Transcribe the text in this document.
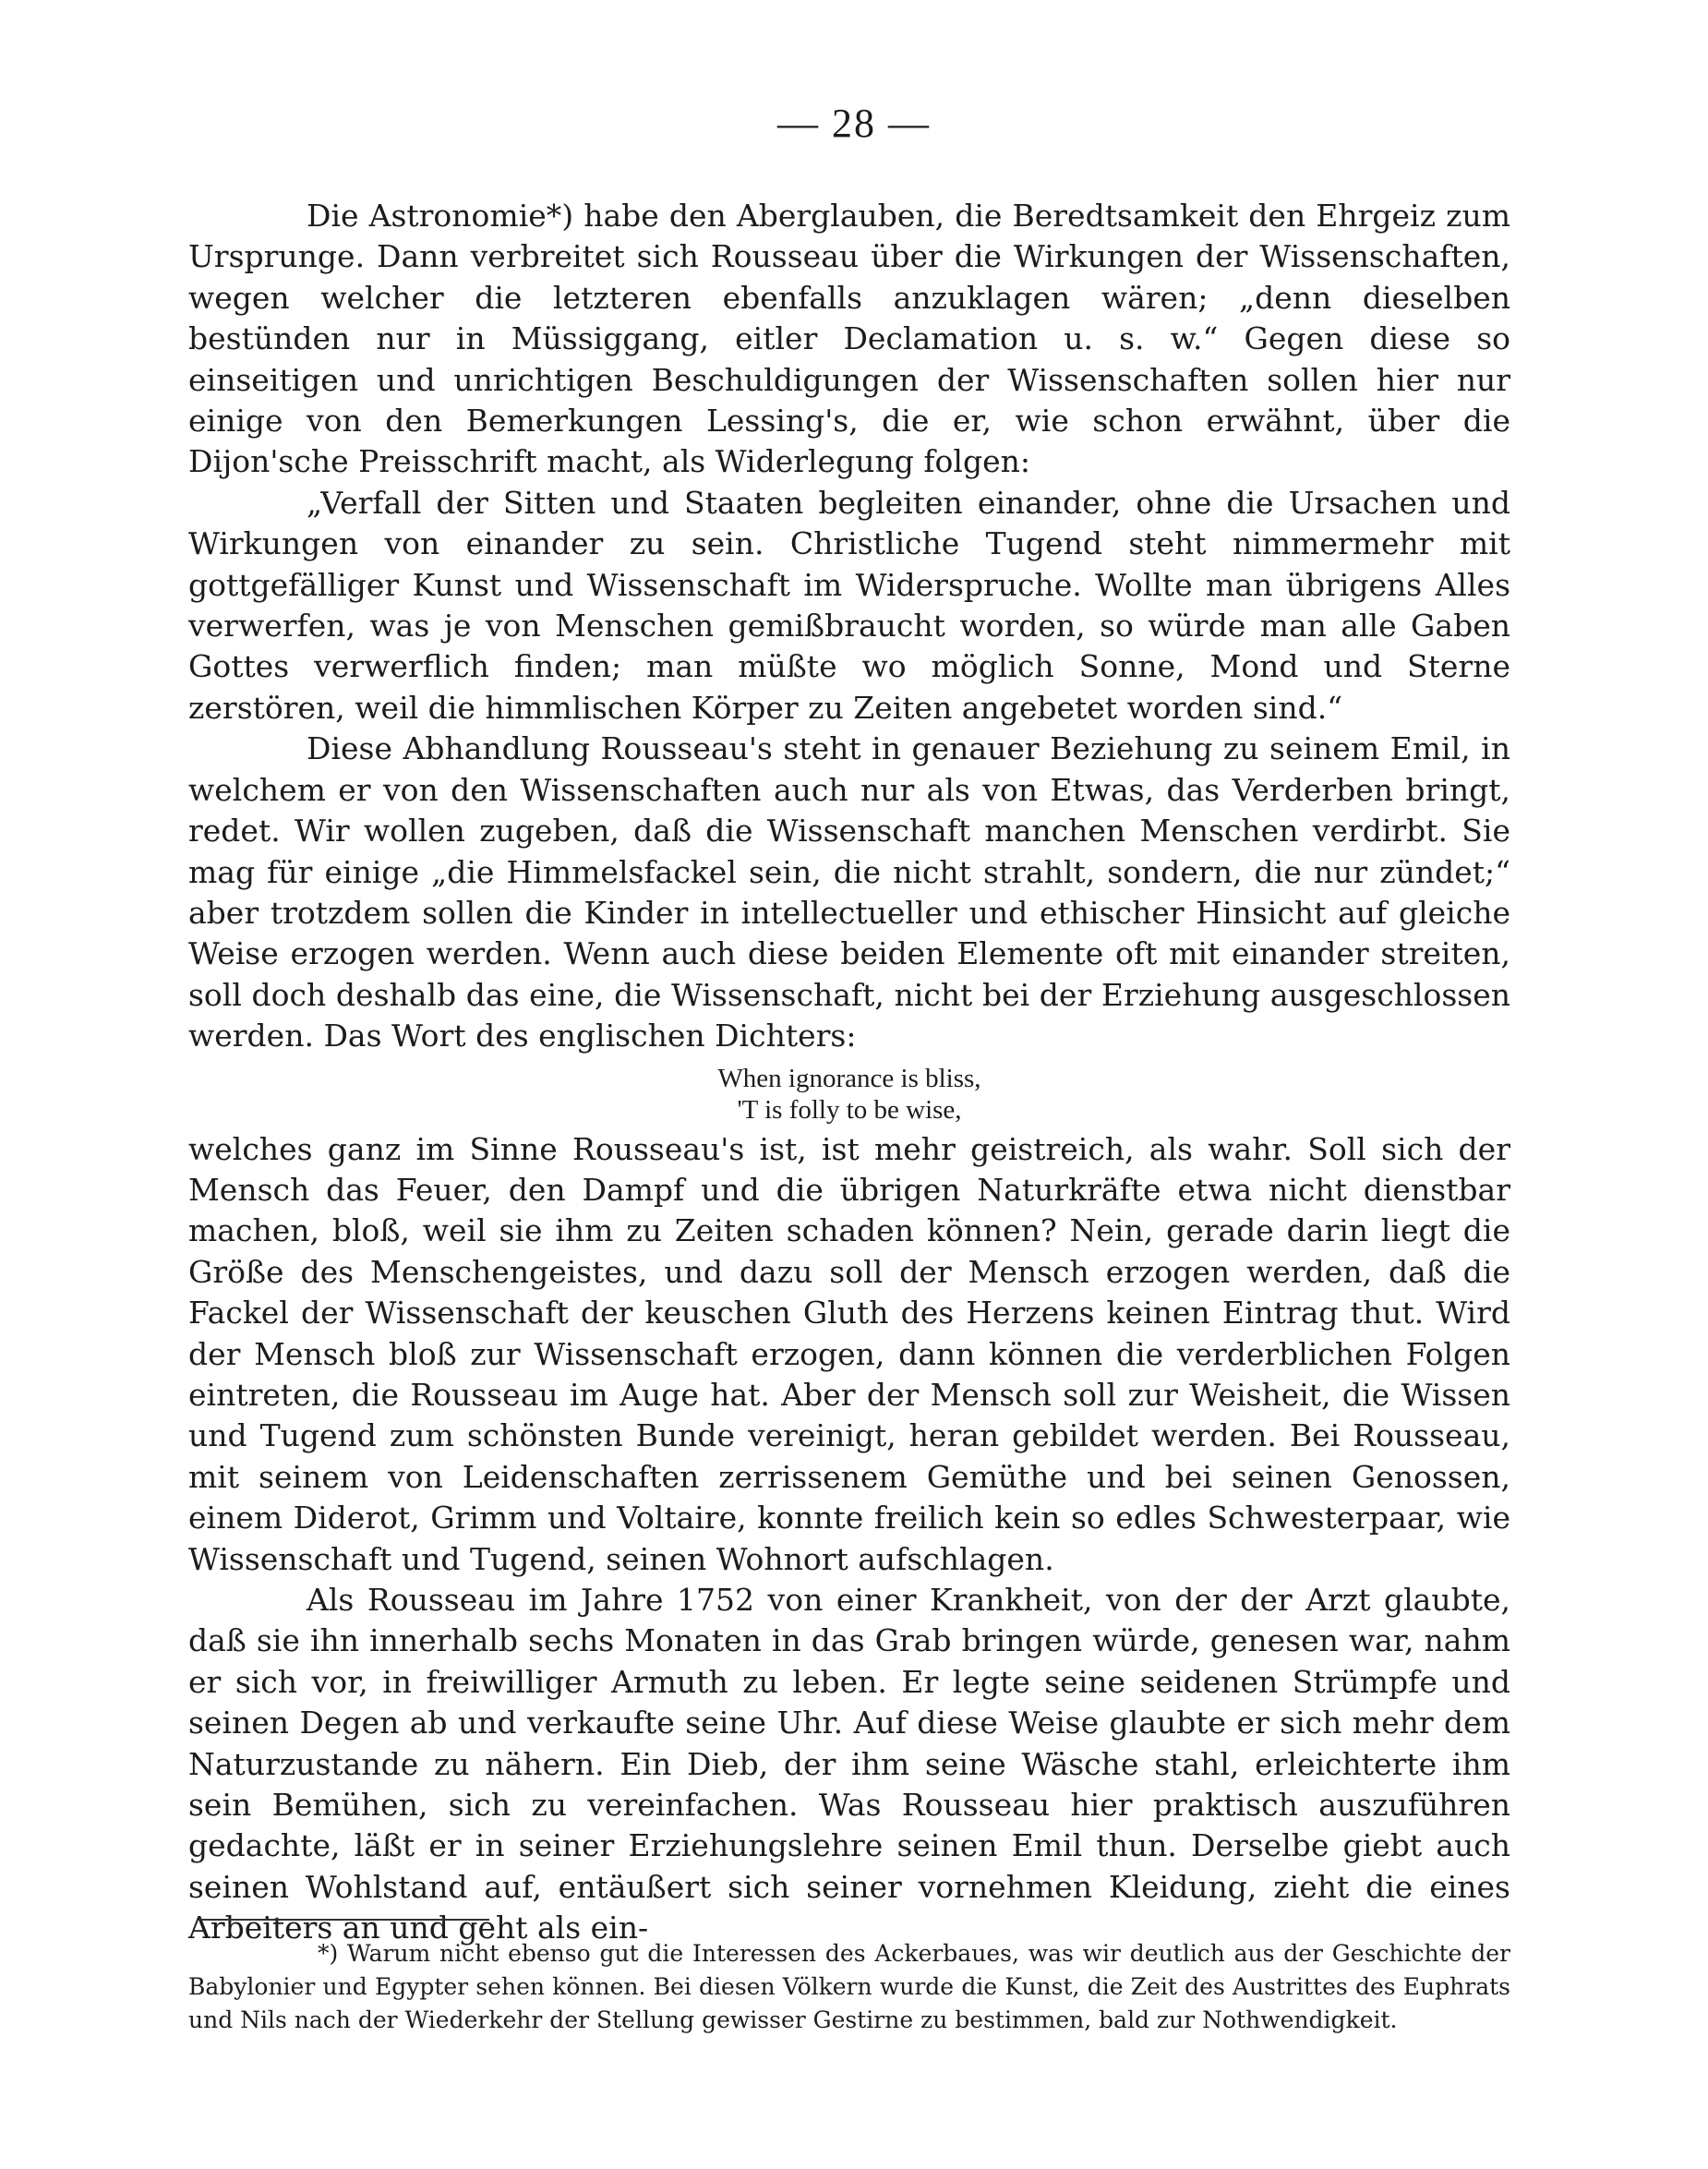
— 28 —

Die Astronomie*) habe den Aberglauben, die Beredtsamkeit den Ehrgeiz zum Ursprunge. Dann verbreitet sich Rousseau über die Wirkungen der Wissenschaften, wegen welcher die letzteren ebenfalls anzuklagen wären; „denn dieselben bestünden nur in Müssiggang, eitler Declamation u. s. w.“ Gegen diese so einseitigen und unrichtigen Beschuldigungen der Wissenschaften sollen hier nur einige von den Bemerkungen Lessing's, die er, wie schon erwähnt, über die Dijon'sche Preisschrift macht, als Widerlegung folgen:

„Verfall der Sitten und Staaten begleiten einander, ohne die Ursachen und Wirkungen von einander zu sein. Christliche Tugend steht nimmermehr mit gottgefälliger Kunst und Wissenschaft im Widerspruche. Wollte man übrigens Alles verwerfen, was je von Menschen gemißbraucht worden, so würde man alle Gaben Gottes verwerflich finden; man müßte wo möglich Sonne, Mond und Sterne zerstören, weil die himmlischen Körper zu Zeiten angebetet worden sind.“

Diese Abhandlung Rousseau's steht in genauer Beziehung zu seinem Emil, in welchem er von den Wissenschaften auch nur als von Etwas, das Verderben bringt, redet. Wir wollen zugeben, daß die Wissenschaft manchen Menschen verdirbt. Sie mag für einige „die Himmelsfackel sein, die nicht strahlt, sondern, die nur zündet;“ aber trotzdem sollen die Kinder in intellectueller und ethischer Hinsicht auf gleiche Weise erzogen werden. Wenn auch diese beiden Elemente oft mit einander streiten, soll doch deshalb das eine, die Wissenschaft, nicht bei der Erziehung ausgeschlossen werden. Das Wort des englischen Dichters:

When ignorance is bliss,
'T is folly to be wise,

welches ganz im Sinne Rousseau's ist, ist mehr geistreich, als wahr. Soll sich der Mensch das Feuer, den Dampf und die übrigen Naturkräfte etwa nicht dienstbar machen, bloß, weil sie ihm zu Zeiten schaden können? Nein, gerade darin liegt die Größe des Menschengeistes, und dazu soll der Mensch erzogen werden, daß die Fackel der Wissenschaft der keuschen Gluth des Herzens keinen Eintrag thut. Wird der Mensch bloß zur Wissenschaft erzogen, dann können die verderblichen Folgen eintreten, die Rousseau im Auge hat. Aber der Mensch soll zur Weisheit, die Wissen und Tugend zum schönsten Bunde vereinigt, heran gebildet werden. Bei Rousseau, mit seinem von Leidenschaften zerrissenem Gemüthe und bei seinen Genossen, einem Diderot, Grimm und Voltaire, konnte freilich kein so edles Schwesterpaar, wie Wissenschaft und Tugend, seinen Wohnort aufschlagen.

Als Rousseau im Jahre 1752 von einer Krankheit, von der der Arzt glaubte, daß sie ihn innerhalb sechs Monaten in das Grab bringen würde, genesen war, nahm er sich vor, in freiwilliger Armuth zu leben. Er legte seine seidenen Strümpfe und seinen Degen ab und verkaufte seine Uhr. Auf diese Weise glaubte er sich mehr dem Naturzustande zu nähern. Ein Dieb, der ihm seine Wäsche stahl, erleichterte ihm sein Bemühen, sich zu vereinfachen. Was Rousseau hier praktisch auszuführen gedachte, läßt er in seiner Erziehungslehre seinen Emil thun. Derselbe giebt auch seinen Wohlstand auf, entäußert sich seiner vornehmen Kleidung, zieht die eines Arbeiters an und geht als ein-

*) Warum nicht ebenso gut die Interessen des Ackerbaues, was wir deutlich aus der Geschichte der Babylonier und Egypter sehen können. Bei diesen Völkern wurde die Kunst, die Zeit des Austrittes des Euphrats und Nils nach der Wiederkehr der Stellung gewisser Gestirne zu bestimmen, bald zur Nothwendigkeit.
